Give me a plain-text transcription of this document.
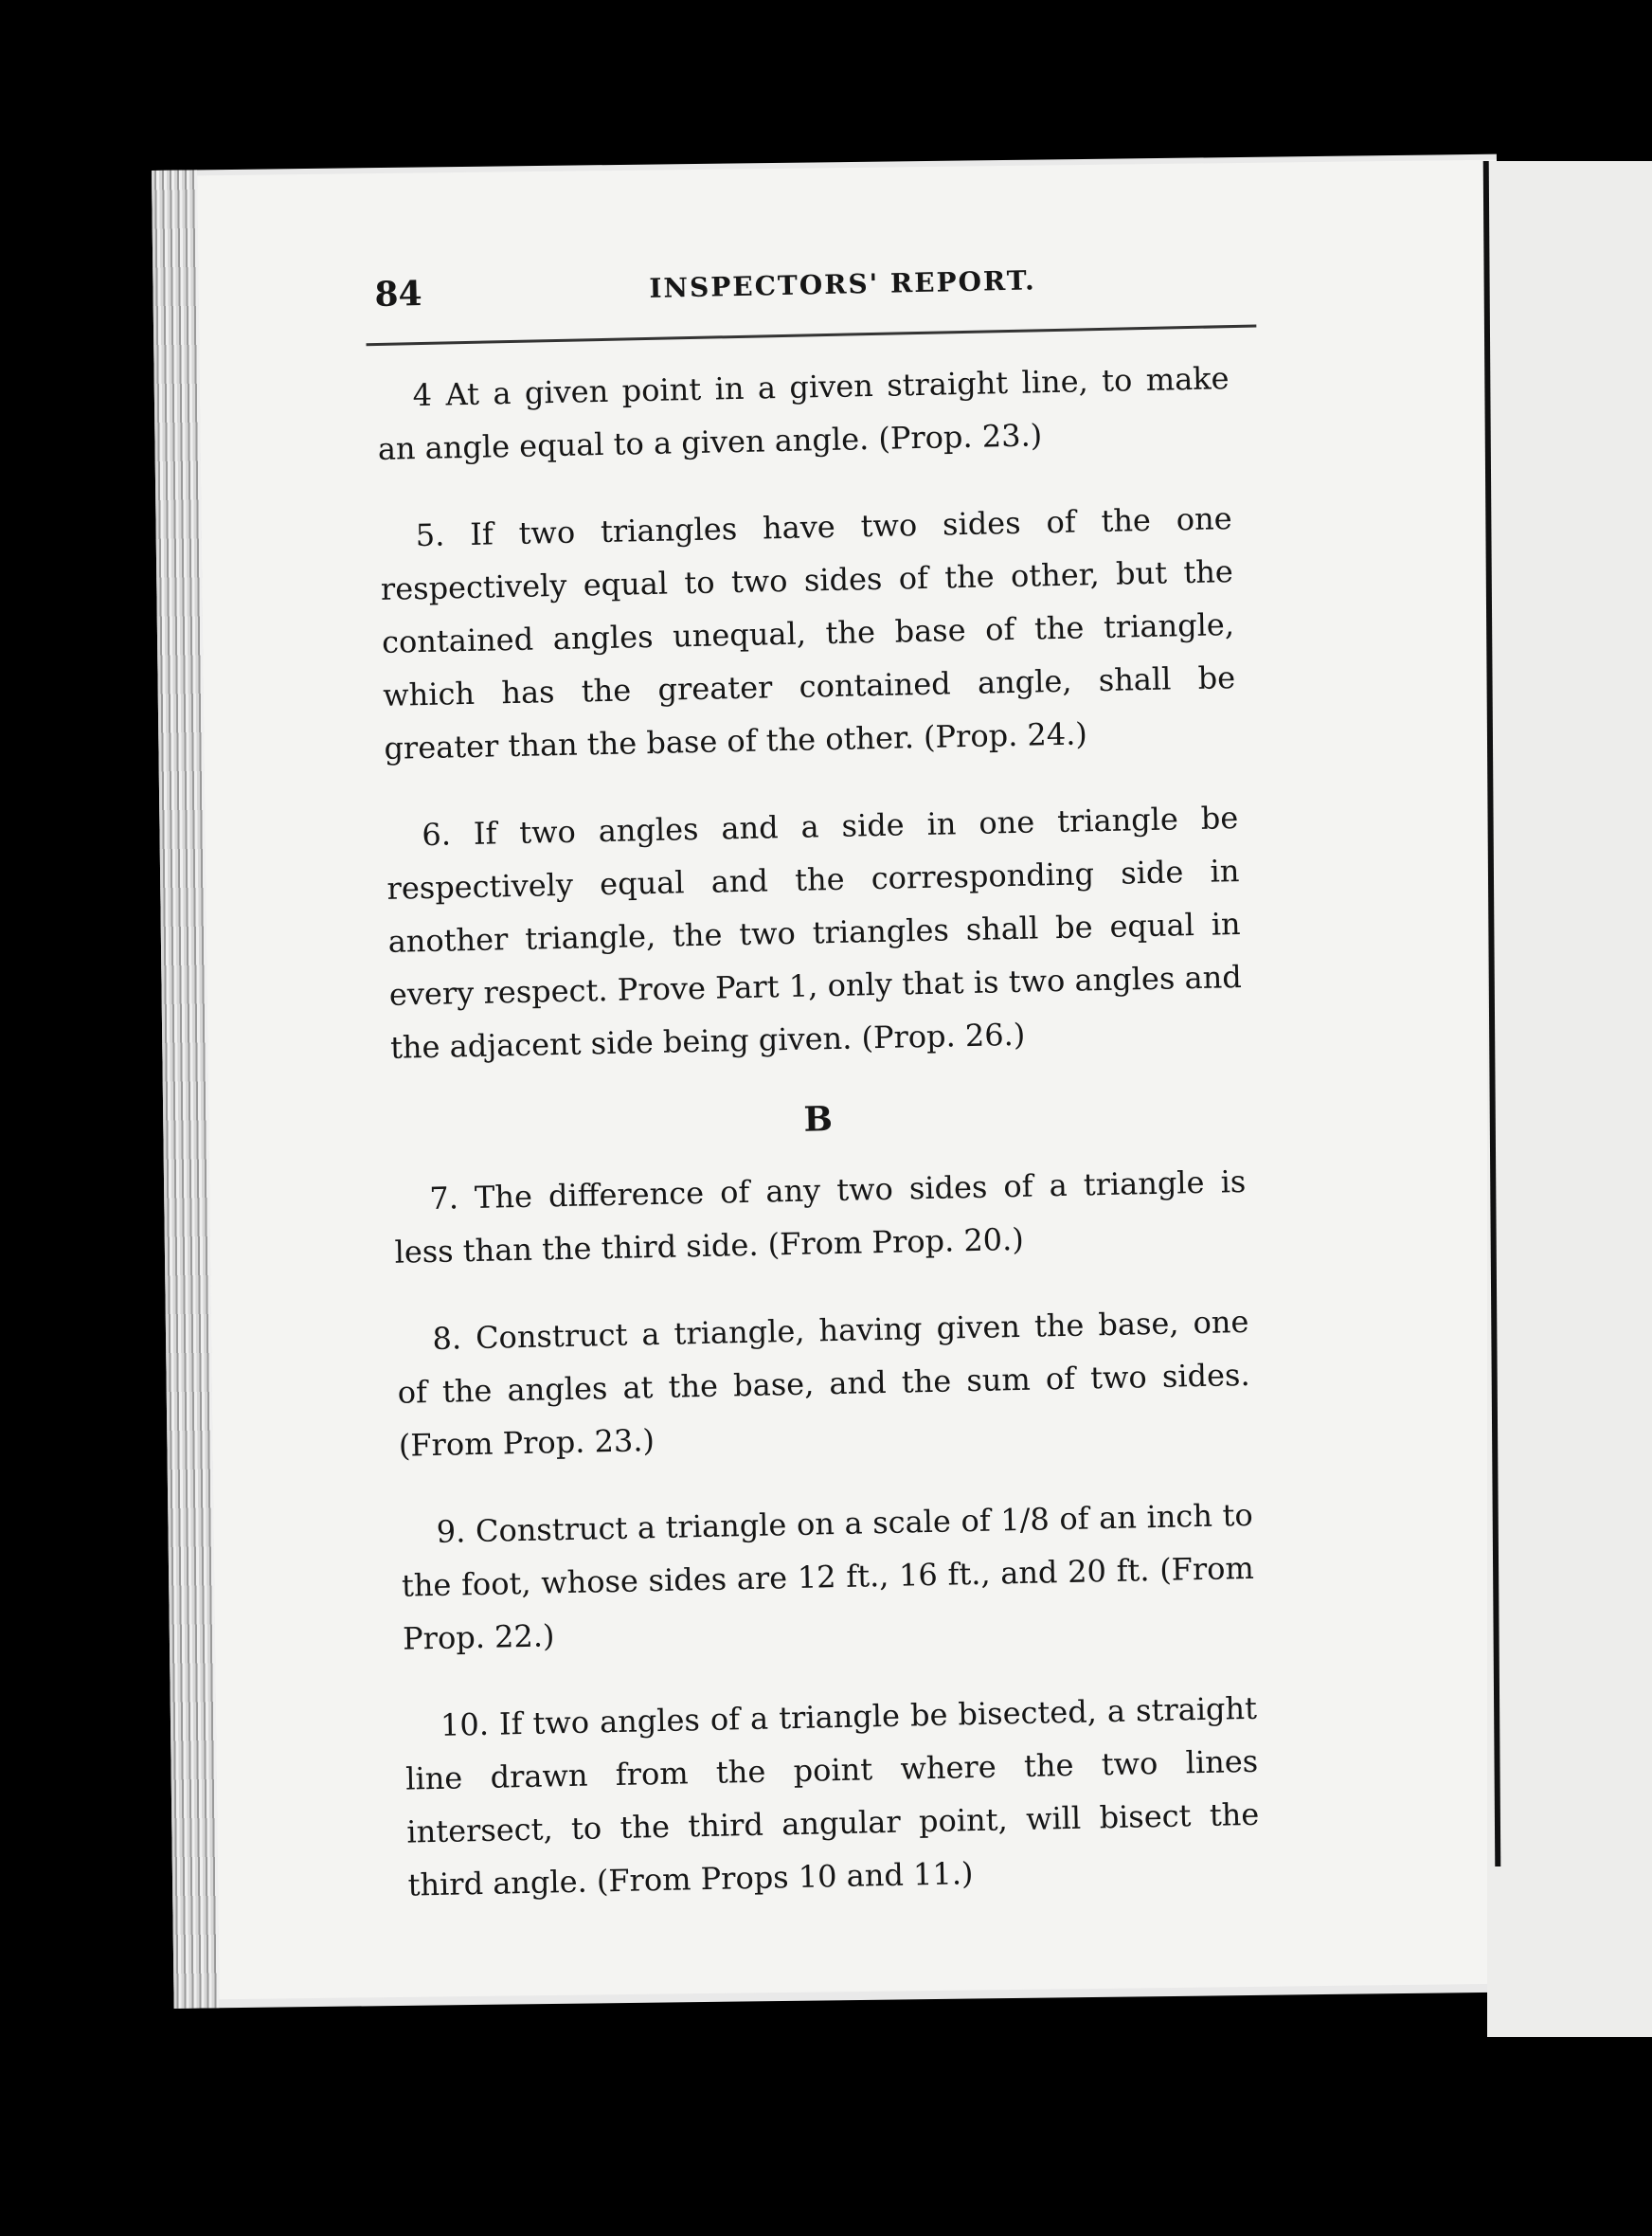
84	INSPECTORS' REPORT.

4 At a given point in a given straight line, to make an angle equal to a given angle. (Prop. 23.)

5. If two triangles have two sides of the one respectively equal to two sides of the other, but the contained angles unequal, the base of the triangle, which has the greater contained angle, shall be greater than the base of the other. (Prop. 24.)

6. If two angles and a side in one triangle be respectively equal and the corresponding side in another triangle, the two triangles shall be equal in every respect. Prove Part 1, only that is two angles and the adjacent side being given. (Prop. 26.)

B

7. The difference of any two sides of a triangle is less than the third side. (From Prop. 20.)

8. Construct a triangle, having given the base, one of the angles at the base, and the sum of two sides. (From Prop. 23.)

9. Construct a triangle on a scale of 1/8 of an inch to the foot, whose sides are 12 ft., 16 ft., and 20 ft. (From Prop. 22.)

10. If two angles of a triangle be bisected, a straight line drawn from the point where the two lines intersect, to the third angular point, will bisect the third angle. (From Props 10 and 11.)
